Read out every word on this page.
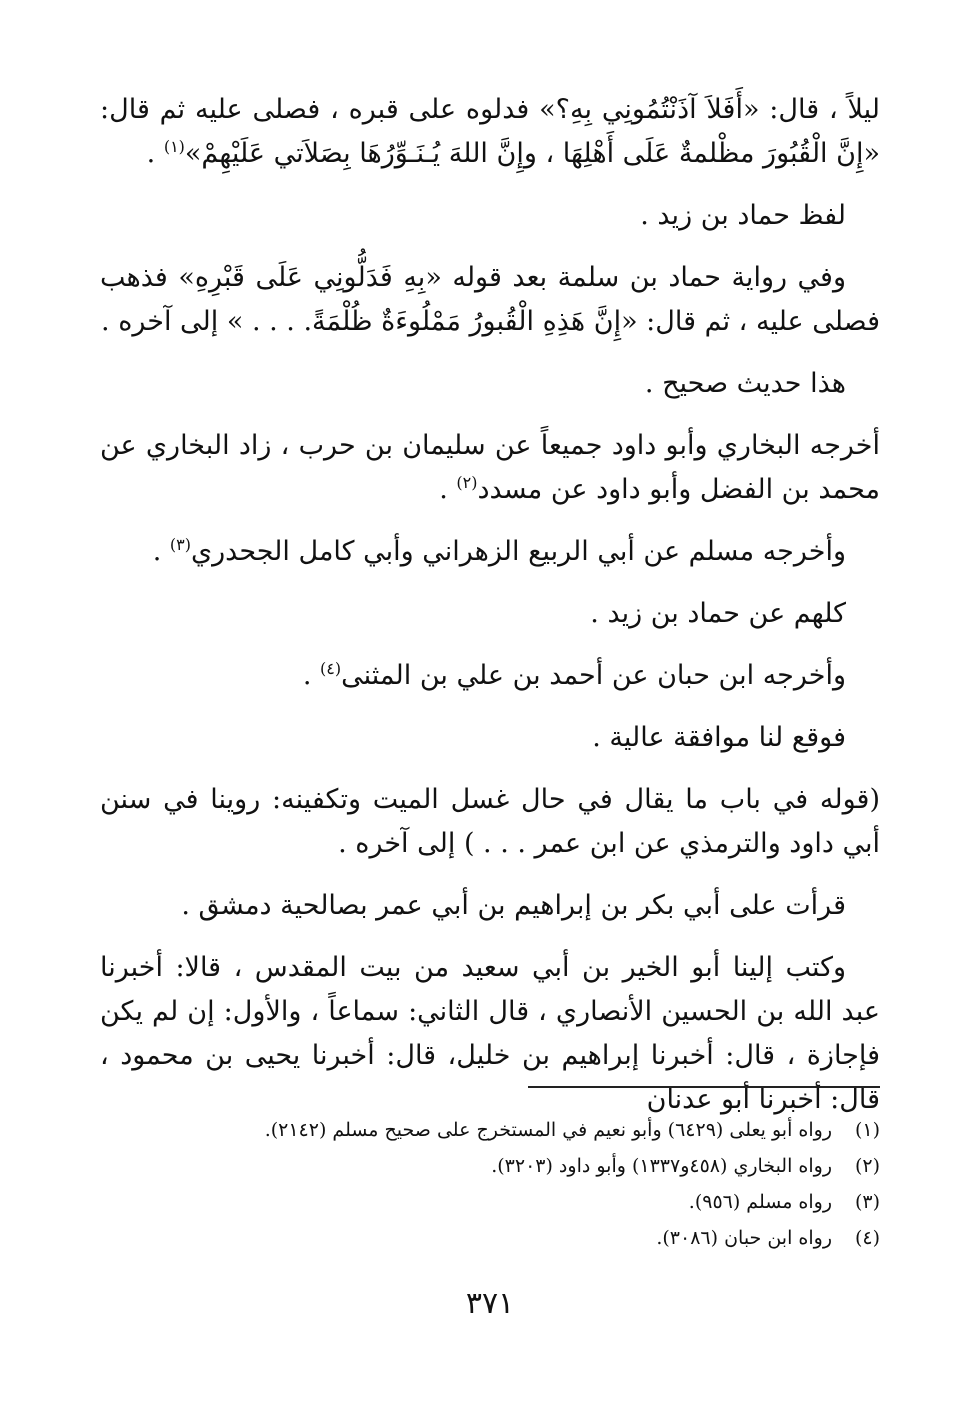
ليلاً ، قال: «أَفَلاَ آذَنْتُمُونِي بِهِ؟» فدلوه على قبره ، فصلى عليه ثم قال: «إِنَّ الْقُبُورَ مظْلمةٌ عَلَى أَهْلِهَا ، وإِنَّ اللهَ يُـنَـوِّرُهَا بِصَلاَتي عَلَيْهِمْ»$^{(١)}$ .

لفظ حماد بن زيد .

وفي رواية حماد بن سلمة بعد قوله «بِهِ فَدَلُّونِي عَلَى قَبْرِهِ» فذهب فصلى عليه ، ثم قال: «إِنَّ هَذِهِ الْقُبورُ مَمْلُوءَةٌ ظُلْمَةً. . . . » إلى آخره .

هذا حديث صحيح .

أخرجه البخاري وأبو داود جميعاً عن سليمان بن حرب ، زاد البخاري عن محمد بن الفضل وأبو داود عن مسدد$^{(٢)}$ .

وأخرجه مسلم عن أبي الربيع الزهراني وأبي كامل الجحدري$^{(٣)}$ .

كلهم عن حماد بن زيد .

وأخرجه ابن حبان عن أحمد بن علي بن المثنى$^{(٤)}$ .

فوقع لنا موافقة عالية .

(قوله في باب ما يقال في حال غسل الميت وتكفينه: روينا في سنن أبي داود والترمذي عن ابن عمر . . . ) إلى آخره .

قرأت على أبي بكر بن إبراهيم بن أبي عمر بصالحية دمشق .

وكتب إلينا أبو الخير بن أبي سعيد من بيت المقدس ، قالا: أخبرنا عبد الله بن الحسين الأنصاري ، قال الثاني: سماعاً ، والأول: إن لم يكن فإجازة ، قال: أخبرنا إبراهيم بن خليل، قال: أخبرنا يحيى بن محمود ، قال: أخبرنا أبو عدنان

(١)
رواه أبو يعلى (٦٤٢٩) وأبو نعيم في المستخرج على صحيح مسلم (٢١٤٢).
(٢)
رواه البخاري (٤٥٨و١٣٣٧) وأبو داود (٣٢٠٣).
(٣)
رواه مسلم (٩٥٦).
(٤)
رواه ابن حبان (٣٠٨٦).
٣٧١
